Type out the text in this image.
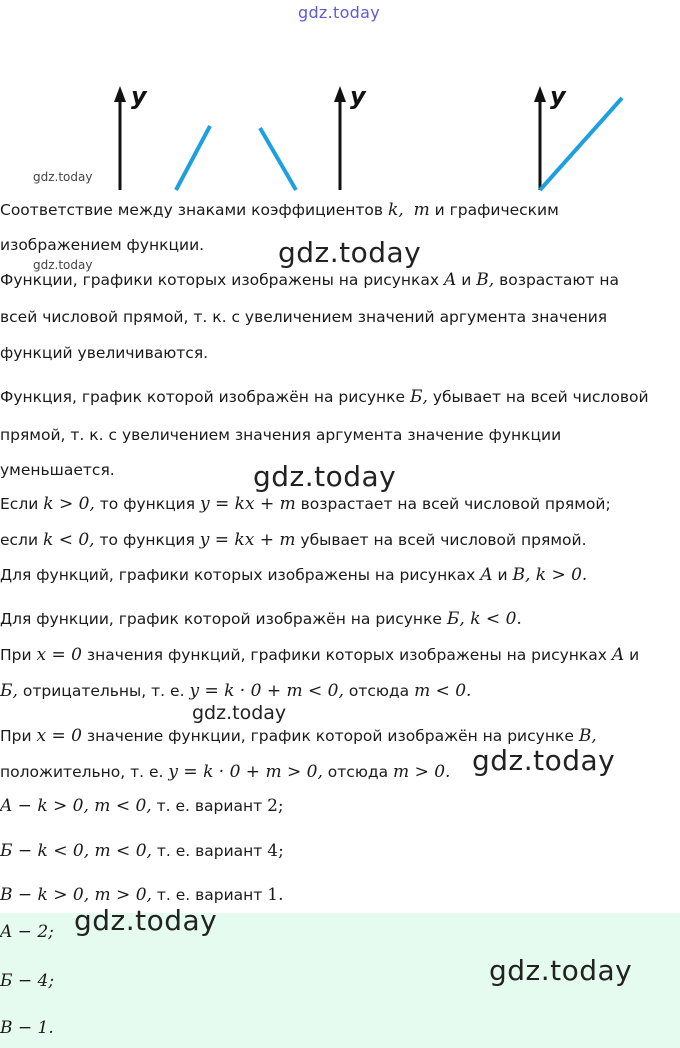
gdz.today
y	y	y
gdz.today
Соответствие между знаками коэффициентов k, m и графическим
изображением функции.
gdz.today	gdz.today
Функции, графики которых изображены на рисунках A и B, возрастают на
всей числовой прямой, т. к. с увеличением значений аргумента значения
функций увеличиваются.
Функция, график которой изображён на рисунке Б, убывает на всей числовой
прямой, т. к. с увеличением значения аргумента значение функции
уменьшается.	gdz.today
Если k > 0, то функция y = kx + m возрастает на всей числовой прямой;
если k < 0, то функция y = kx + m убывает на всей числовой прямой.
Для функций, графики которых изображены на рисунках A и B, k > 0.
Для функции, график которой изображён на рисунке Б, k < 0.
При x = 0 значения функций, графики которых изображены на рисунках A и
Б, отрицательны, т. е. y = k · 0 + m < 0, отсюда m < 0.
gdz.today
При x = 0 значение функции, график которой изображён на рисунке B,
положительно, т. е. y = k · 0 + m > 0, отсюда m > 0. gdz.today
A − k > 0, m < 0, т. е. вариант 2;
Б − k < 0, m < 0, т. е. вариант 4;
B − k > 0, m > 0, т. е. вариант 1.
A − 2; gdz.today
gdz.today
Б − 4;
B − 1.
